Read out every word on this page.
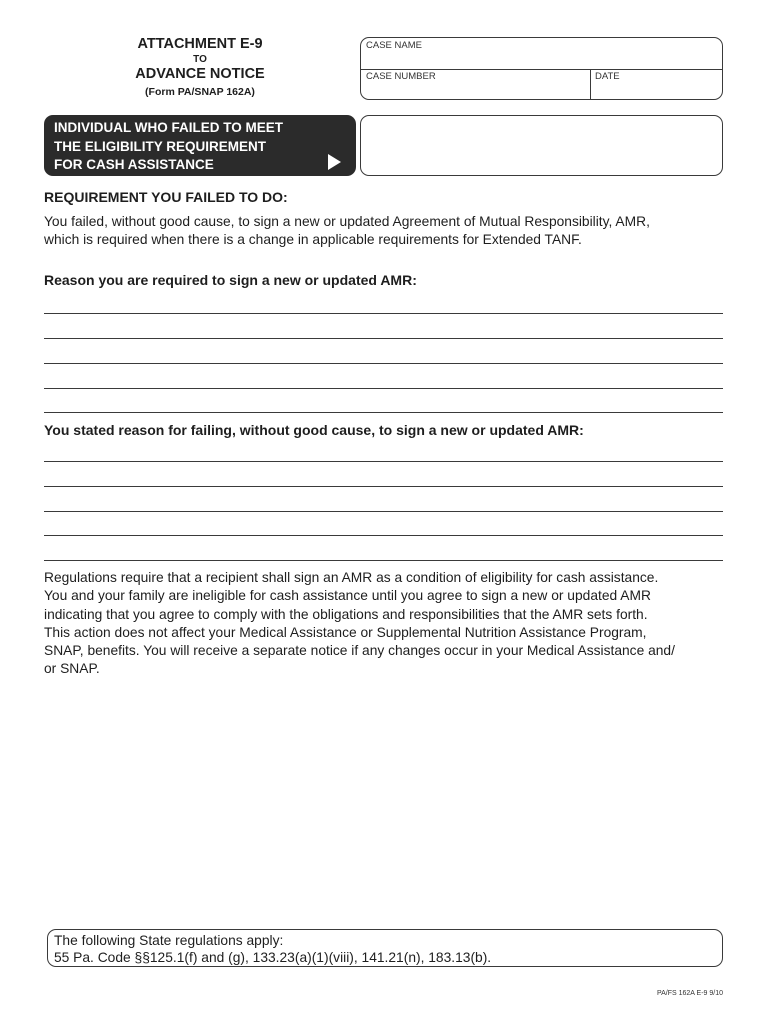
ATTACHMENT E-9
TO
ADVANCE NOTICE
(Form PA/SNAP 162A)
CASE NAME
CASE NUMBER	DATE
INDIVIDUAL WHO FAILED TO MEET
THE ELIGIBILITY REQUIREMENT
FOR CASH ASSISTANCE
REQUIREMENT YOU FAILED TO DO:
You failed, without good cause, to sign a new or updated Agreement of Mutual Responsibility, AMR,
which is required when there is a change in applicable requirements for Extended TANF.
Reason you are required to sign a new or updated AMR:
You stated reason for failing, without good cause, to sign a new or updated AMR:
Regulations require that a recipient shall sign an AMR as a condition of eligibility for cash assistance.
You and your family are ineligible for cash assistance until you agree to sign a new or updated AMR
indicating that you agree to comply with the obligations and responsibilities that the AMR sets forth.
This action does not affect your Medical Assistance or Supplemental Nutrition Assistance Program,
SNAP, benefits. You will receive a separate notice if any changes occur in your Medical Assistance and/
or SNAP.
The following State regulations apply:
55 Pa. Code §§125.1(f) and (g), 133.23(a)(1)(viii), 141.21(n), 183.13(b).
PA/FS 162A E-9 9/10
